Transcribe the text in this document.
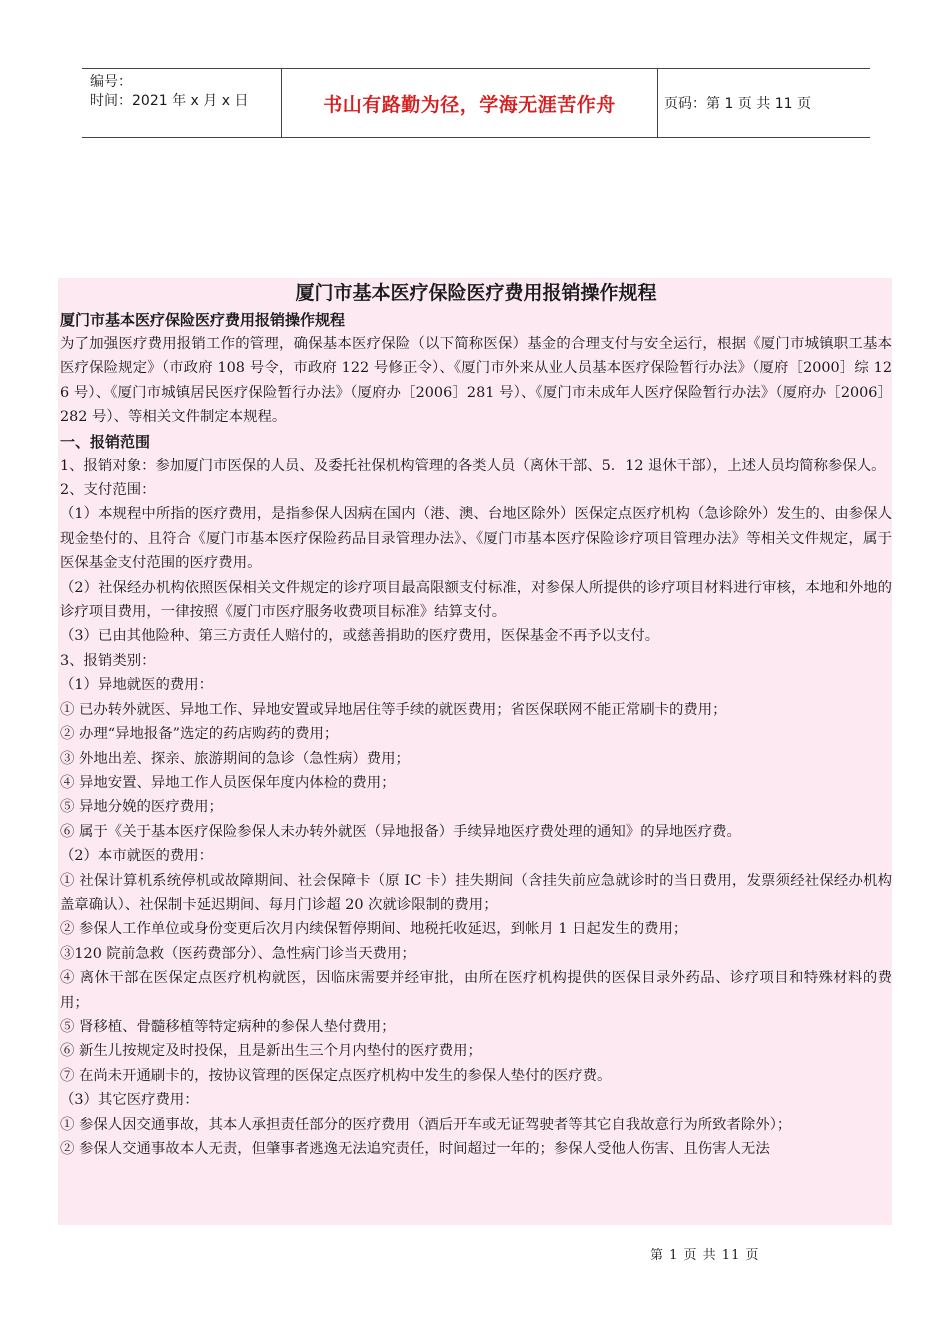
编号：
时间：2021 年 x 月 x 日	书山有路勤为径，学海无涯苦作舟	页码：第 1 页 共 11 页

厦门市基本医疗保险医疗费用报销操作规程

厦门市基本医疗保险医疗费用报销操作规程

为了加强医疗费用报销工作的管理，确保基本医疗保险（以下简称医保）基金的合理支付与安全运行，根据《厦门市城镇职工基本医疗保险规定》（市政府 108 号令，市政府 122 号修正令）、《厦门市外来从业人员基本医疗保险暂行办法》（厦府［2000］综 126 号）、《厦门市城镇居民医疗保险暂行办法》（厦府办［2006］281 号）、《厦门市未成年人医疗保险暂行办法》（厦府办［2006］282 号）、等相关文件制定本规程。

一、报销范围

1、报销对象：参加厦门市医保的人员、及委托社保机构管理的各类人员（离休干部、5．12 退休干部），上述人员均简称参保人。

2、支付范围：

（1）本规程中所指的医疗费用，是指参保人因病在国内（港、澳、台地区除外）医保定点医疗机构（急诊除外）发生的、由参保人现金垫付的、且符合《厦门市基本医疗保险药品目录管理办法》、《厦门市基本医疗保险诊疗项目管理办法》等相关文件规定，属于医保基金支付范围的医疗费用。

（2）社保经办机构依照医保相关文件规定的诊疗项目最高限额支付标准，对参保人所提供的诊疗项目材料进行审核，本地和外地的诊疗项目费用，一律按照《厦门市医疗服务收费项目标准》结算支付。

（3）已由其他险种、第三方责任人赔付的，或慈善捐助的医疗费用，医保基金不再予以支付。

3、报销类别：

（1）异地就医的费用：

① 已办转外就医、异地工作、异地安置或异地居住等手续的就医费用；省医保联网不能正常刷卡的费用；

② 办理“异地报备”选定的药店购药的费用；

③ 外地出差、探亲、旅游期间的急诊（急性病）费用；

④ 异地安置、异地工作人员医保年度内体检的费用；

⑤ 异地分娩的医疗费用；

⑥ 属于《关于基本医疗保险参保人未办转外就医（异地报备）手续异地医疗费处理的通知》的异地医疗费。

（2）本市就医的费用：

① 社保计算机系统停机或故障期间、社会保障卡（原 IC 卡）挂失期间（含挂失前应急就诊时的当日费用，发票须经社保经办机构盖章确认）、社保制卡延迟期间、每月门诊超 20 次就诊限制的费用；

② 参保人工作单位或身份变更后次月内续保暂停期间、地税托收延迟，到帐月 1 日起发生的费用；

③120 院前急救（医药费部分）、急性病门诊当天费用；

④ 离休干部在医保定点医疗机构就医，因临床需要并经审批，由所在医疗机构提供的医保目录外药品、诊疗项目和特殊材料的费用；

⑤ 肾移植、骨髓移植等特定病种的参保人垫付费用；

⑥ 新生儿按规定及时投保，且是新出生三个月内垫付的医疗费用；

⑦ 在尚未开通刷卡的，按协议管理的医保定点医疗机构中发生的参保人垫付的医疗费。

（3）其它医疗费用：

① 参保人因交通事故，其本人承担责任部分的医疗费用（酒后开车或无证驾驶者等其它自我故意行为所致者除外）；

② 参保人交通事故本人无责，但肇事者逃逸无法追究责任，时间超过一年的；参保人受他人伤害、且伤害人无法

第 1 页 共 11 页
